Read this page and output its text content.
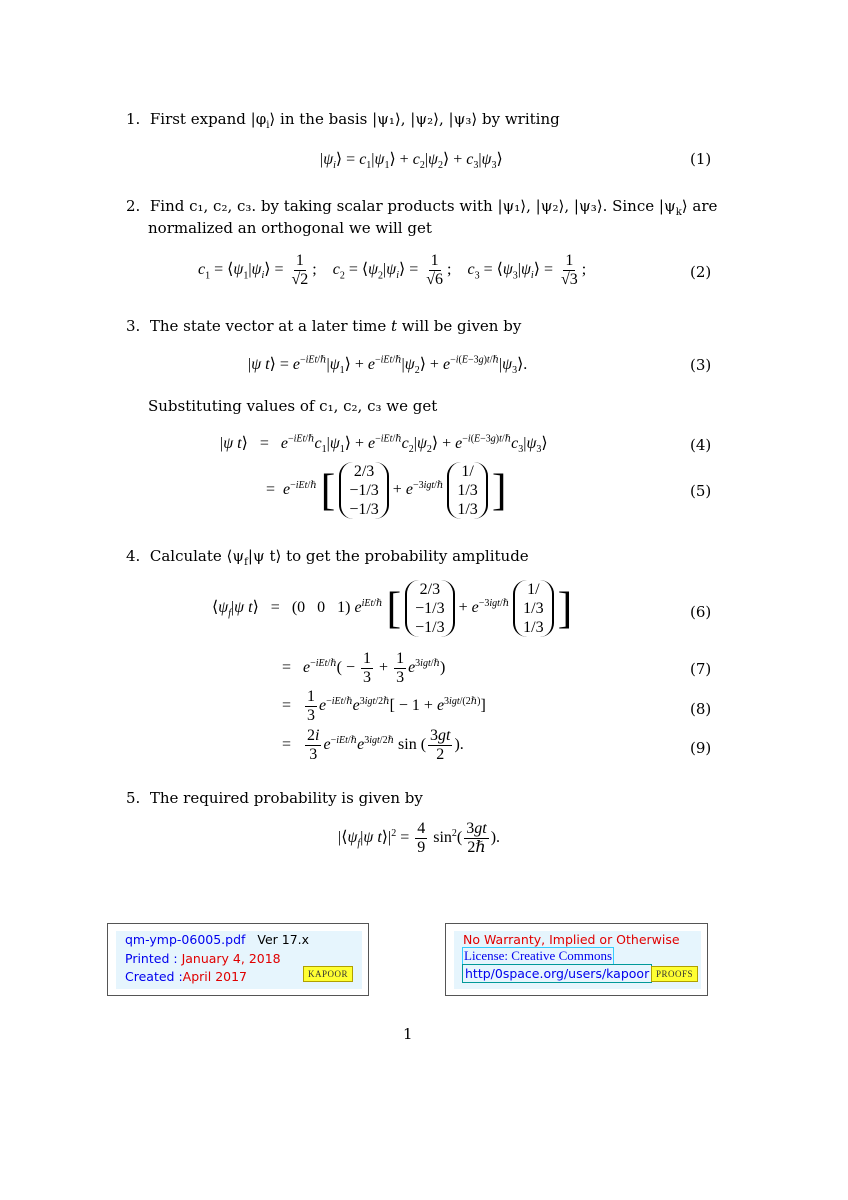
1. First expand $|\varphi_i⟩$ in the basis |ψ₁⟩, |ψ₂⟩, |ψ₃⟩ by writing
$|\psi_i⟩$ = $c_1|\psi_1⟩$ + $c_2|\psi_2⟩$ + $c_3|\psi_3⟩$	(1)
2. Find c₁, c₂, c₃. by taking scalar products with |ψ₁⟩, |ψ₂⟩, |ψ₃⟩. Since $|\psi_k⟩$ are
normalized an orthogonal we will get
$c_1$ = $⟨\psi_1|\psi_i⟩ = \frac{1}{√2}$ ;    $c_2$ = $⟨\psi_2|\psi_i⟩ = \frac{1}{√6}$ ;    $c_3$ = $⟨\psi_3|\psi_i⟩ = \frac{1}{√3}$ ;	(2)
3. The state vector at a later time t will be given by
|ψ t⟩ = $e^{-iEt/\hbar}|\psi_1⟩$ + $e^{-iEt/\hbar}|\psi_2⟩$ + $e^{-i(E-3g)t/\hbar}|\psi_3⟩$.	(3)
Substituting values of c₁, c₂, c₃ we get
|ψ t⟩   =   $e^{-iEt/\hbar}c_1|\psi_1⟩$ + $e^{-iEt/\hbar}c_2|\psi_2⟩$ + $e^{-i(E-3g)t/\hbar}c_3|\psi_3⟩$	(4)
=  $e^{-iEt/\hbar}$ [ 2/3
−1/3
$-1/3 + e^{-3igt/\hbar}$ 1/
1/3
1/3 ]	(5)
4. Calculate $⟨\psi_f|\psi$ t⟩ to get the probability amplitude
$⟨\psi_f|\psi$ t⟩   =   (0 0 1) $e^{iEt/\hbar}$ [ 2/3
−1/3
$-1/3 + e^{-3igt/\hbar}$ 1/
1/3
1/3 ]	(6)
=   $e^{-iEt/\hbar}( - \frac{1}{3} + \frac{1}{3} e^{3igt/\hbar})$	(7)
= $\frac{1}{3} e^{-iEt/\hbar}e^{3igt/2\hbar}[ - 1 + e^{3igt/(2\hbar)}]$	(8)
= $\frac{2i}{3} e^{-iEt/\hbar}e^{3igt/2\hbar}$ sin ( $\frac{3gt}{2}$ ).	(9)
5. The required probability is given by
$|⟨\psi_f|\psi$ $t⟩|^2 = \frac{4}{9} \sin^2( \frac{3gt}{\text{2ℏ}}$ ).
qm-ymp-06005.pdf Ver 17.x
Printed : January 4, 2018
Created :April 2017	KAPOOR
No Warranty, Implied or Otherwise
License: Creative Commons
http/0space.org/users/kapoor PROOFS
1
